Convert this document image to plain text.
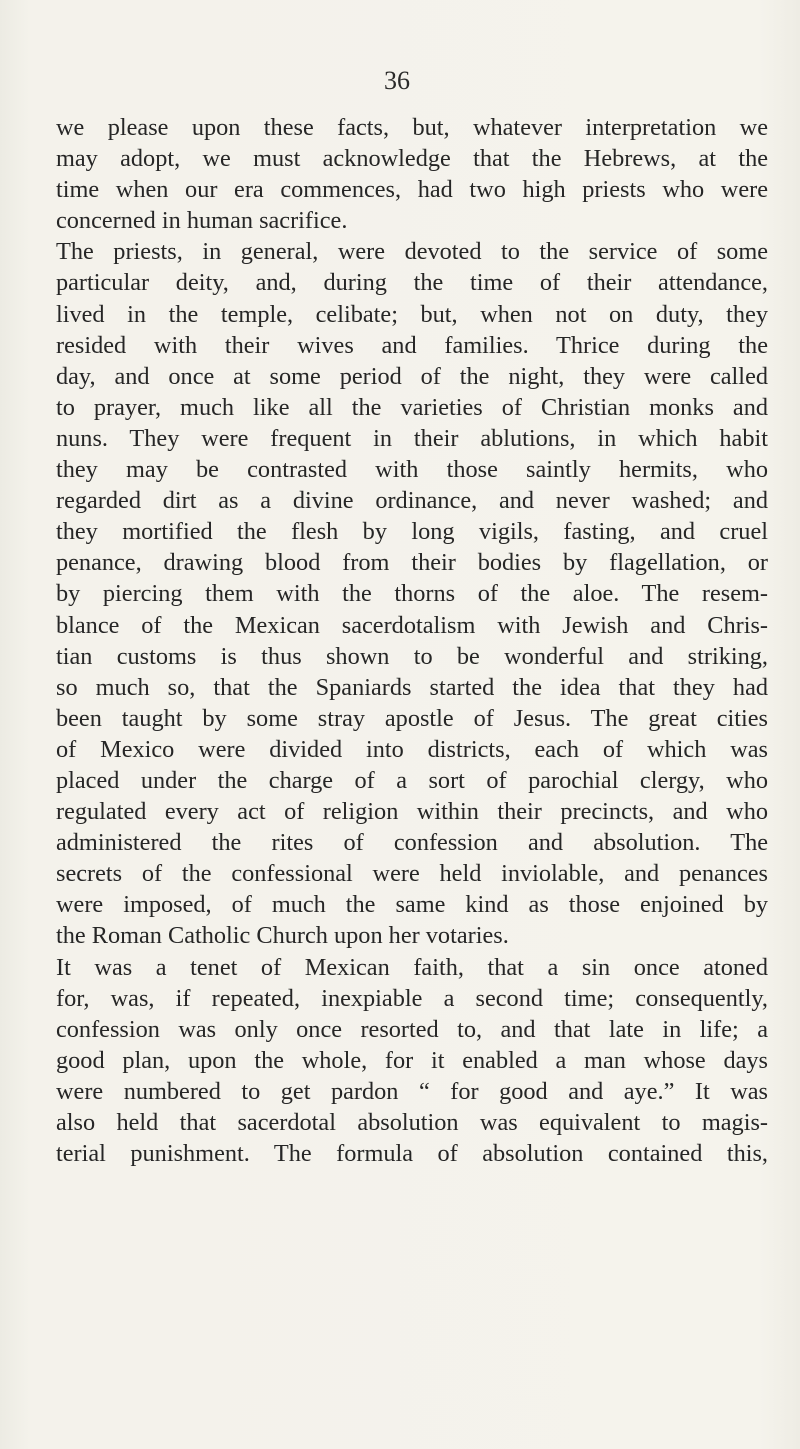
36
we please upon these facts, but, whatever interpretation we
may adopt, we must acknowledge that the Hebrews, at the
time when our era commences, had two high priests who were
concerned in human sacrifice.
The priests, in general, were devoted to the service of some
particular deity, and, during the time of their attendance,
lived in the temple, celibate; but, when not on duty, they
resided with their wives and families. Thrice during the
day, and once at some period of the night, they were called
to prayer, much like all the varieties of Christian monks and
nuns. They were frequent in their ablutions, in which habit
they may be contrasted with those saintly hermits, who
regarded dirt as a divine ordinance, and never washed; and
they mortified the flesh by long vigils, fasting, and cruel
penance, drawing blood from their bodies by flagellation, or
by piercing them with the thorns of the aloe. The resem-
blance of the Mexican sacerdotalism with Jewish and Chris-
tian customs is thus shown to be wonderful and striking,
so much so, that the Spaniards started the idea that they had
been taught by some stray apostle of Jesus. The great cities
of Mexico were divided into districts, each of which was
placed under the charge of a sort of parochial clergy, who
regulated every act of religion within their precincts, and who
administered the rites of confession and absolution. The
secrets of the confessional were held inviolable, and penances
were imposed, of much the same kind as those enjoined by
the Roman Catholic Church upon her votaries.
It was a tenet of Mexican faith, that a sin once atoned
for, was, if repeated, inexpiable a second time; consequently,
confession was only once resorted to, and that late in life; a
good plan, upon the whole, for it enabled a man whose days
were numbered to get pardon “ for good and aye.” It was
also held that sacerdotal absolution was equivalent to magis-
terial punishment. The formula of absolution contained this,
